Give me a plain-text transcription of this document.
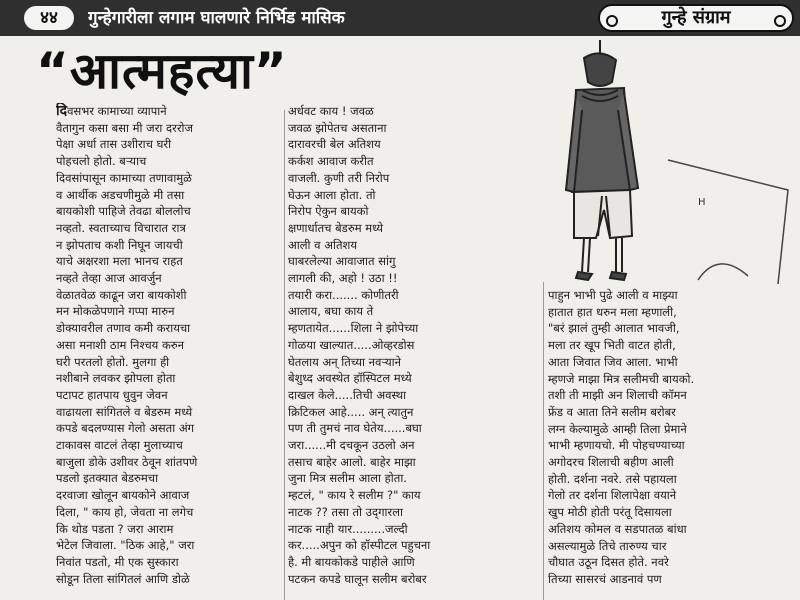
४४	गुन्हेगारीला लगाम घालणारे निर्भिड मासिक	गुन्हे संग्राम
“आत्महत्या”
H

दिवसभर कामाच्या व्यापाने

वैतागुन कसा बसा मी जरा दररोज

पेक्षा अर्धा तास उशीराच घरी

पोहचलो होतो. बऱ्याच

दिवसांपासून कामाच्या तणावामुळे

व आर्थीक अडचणीमुळे मी तसा

बायकोशी पाहिजे तेवढा बोललोच

नव्हतो. स्वताच्याच विचारात रात्र

न झोपताच कशी निघून जायची

याचे अक्षरशा मला भानच राहत

नव्हते तेव्हा आज आवर्जुन

वेळातवेळ काढून जरा बायकोशी

मन मोकळेपणाने गप्पा मारुन

डोक्यावरील तणाव कमी करायचा

असा मनाशी ठाम निश्चय करुन

घरी परतलो होतो. मुलगा ही

नशीबाने लवकर झोपला होता

पटापट हातपाय धुवुन जेवन

वाढायला सांगितले व बेडरुम मध्ये

कपडे बदलण्यास गेलो असता अंग

टाकावस वाटलं तेव्हा मुलाच्याच

बाजुला डोके उशीवर ठेवून शांतपणे

पडलो इतक्यात बेडरुमचा

दरवाजा खोलून बायकोने आवाज

दिला, " काय हो, जेवता ना लगेच

कि थोड पडता ? जरा आराम

भेटेल जिवाला. "ठिक आहे," जरा

निवांत पडतो, मी एक सुस्कारा

सोडून तिला सांगितलं आणि डोळे

अर्धवट काय ! जवळ

जवळ झोपेतच असताना

दारावरची बेल अतिशय

कर्कश आवाज करीत

वाजली. कुणी तरी निरोप

घेऊन आला होता. तो

निरोप ऐकुन बायको

क्षणार्धातच बेडरुम मध्ये

आली व अतिशय

घाबरलेल्या आवाजात सांगु

लागली की, अहो ! उठा !!

तयारी करा....... कोणीतरी

आलाय, बघा काय ते

म्हणतायेत......शिला ने झोपेच्या

गोळया खाल्यात.....ओव्हरडोस

घेतलाय अन् तिच्या नवऱ्याने

बेशुध्द अवस्थेत हॉस्पिटल मध्ये

दाखल केले.....तिची अवस्था

क्रिटिकल आहे..... अन् त्यातुन

पण ती तुमचं नाव घेतेय......बघा

जरा......मी दचकून उठलो अन

तसाच बाहेर आलो. बाहेर माझा

जुना मित्र सलीम आला होता.

म्हटलं, " काय रे सलीम ?" काय

नाटक ?? तसा तो उद्‌गारला

नाटक नाही यार.........जल्दी

कर.....अपुन को हॉस्पीटल पहुचना

है. मी बायकोकडे पाहीले आणि

पटकन कपडे घालून सलीम बरोबर

पाहुन भाभी पुढे आली व माझ्या

हातात हात धरुन मला म्हणाली,

"बरं झालं तुम्ही आलात भावजी,

मला तर खूप भिती वाटत होती,

आता जिवात जिव आला. भाभी

म्हणजे माझा मित्र सलीमची बायको.

तशी ती माझी अन शिलाची कॉमन

फ्रेंड व आता तिने सलीम बरोबर

लग्न केल्यामुळे आम्ही तिला प्रेमाने

भाभी म्हणायचो. मी पोहचण्याच्या

अगोदरच शिलाची बहीण आली

होती. दर्शना नवरे. तसे पहायला

गेलो तर दर्शना शिलापेक्षा वयाने

खुप मोठी होती परंतू दिसायला

अतिशय कोमल व सडपातळ बांधा

असल्यामुळे तिचे तारुण्य चार

चौघात उठून दिसत होते. नवरे

तिच्या सासरचं आडनावं पण
